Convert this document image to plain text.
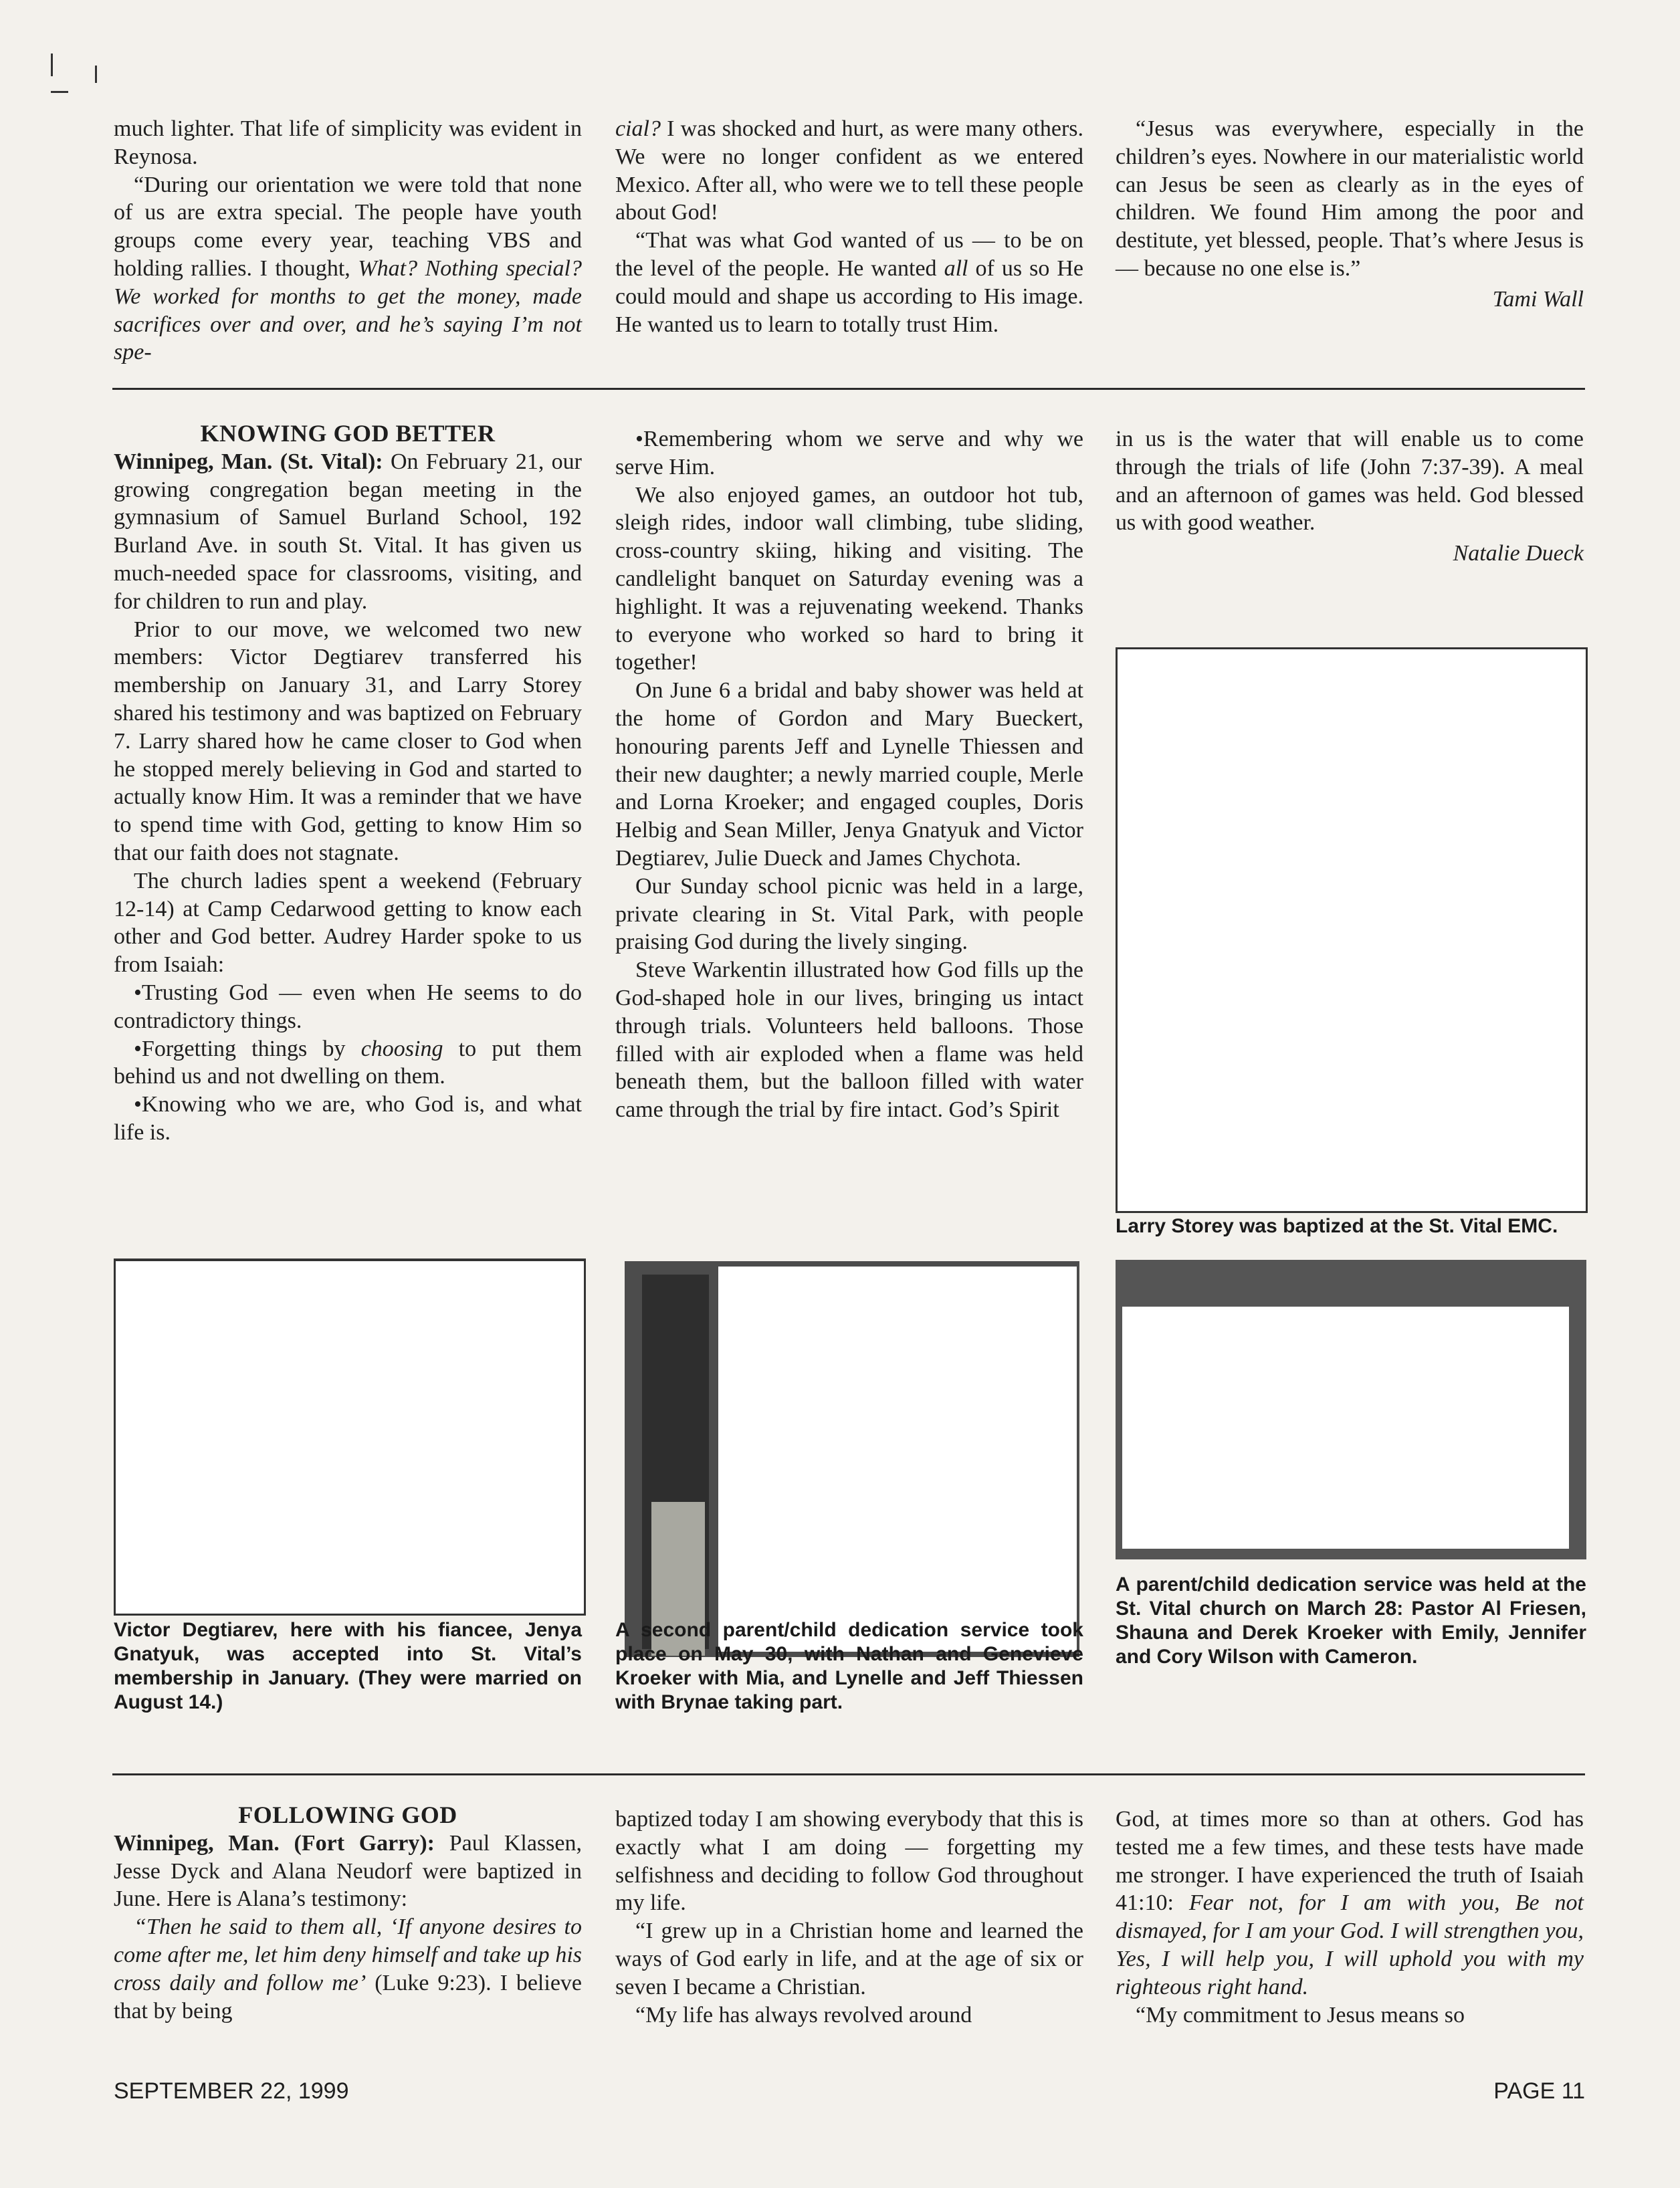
much lighter. That life of simplicity was evident in Reynosa.

“During our orientation we were told that none of us are extra special. The people have youth groups come every year, teaching VBS and holding rallies. I thought, What? Nothing special? We worked for months to get the money, made sacrifices over and over, and he’s saying I’m not spe-

cial? I was shocked and hurt, as were many others. We were no longer confident as we entered Mexico. After all, who were we to tell these people about God!

“That was what God wanted of us — to be on the level of the people. He wanted all of us so He could mould and shape us according to His image. He wanted us to learn to totally trust Him.

“Jesus was everywhere, especially in the children’s eyes. Nowhere in our materialistic world can Jesus be seen as clearly as in the eyes of children. We found Him among the poor and destitute, yet blessed, people. That’s where Jesus is — because no one else is.”

Tami Wall

KNOWING GOD BETTER

Winnipeg, Man. (St. Vital): On February 21, our growing congregation began meeting in the gymnasium of Samuel Burland School, 192 Burland Ave. in south St. Vital. It has given us much-needed space for classrooms, visiting, and for children to run and play.

Prior to our move, we welcomed two new members: Victor Degtiarev transferred his membership on January 31, and Larry Storey shared his testimony and was baptized on February 7. Larry shared how he came closer to God when he stopped merely believing in God and started to actually know Him. It was a reminder that we have to spend time with God, getting to know Him so that our faith does not stagnate.

The church ladies spent a weekend (February 12-14) at Camp Cedarwood getting to know each other and God better. Audrey Harder spoke to us from Isaiah:

•Trusting God — even when He seems to do contradictory things.

•Forgetting things by choosing to put them behind us and not dwelling on them.

•Knowing who we are, who God is, and what life is.

•Remembering whom we serve and why we serve Him.

We also enjoyed games, an outdoor hot tub, sleigh rides, indoor wall climbing, tube sliding, cross-country skiing, hiking and visiting. The candlelight banquet on Saturday evening was a highlight. It was a rejuvenating weekend. Thanks to everyone who worked so hard to bring it together!

On June 6 a bridal and baby shower was held at the home of Gordon and Mary Bueckert, honouring parents Jeff and Lynelle Thiessen and their new daughter; a newly married couple, Merle and Lorna Kroeker; and engaged couples, Doris Helbig and Sean Miller, Jenya Gnatyuk and Victor Degtiarev, Julie Dueck and James Chychota.

Our Sunday school picnic was held in a large, private clearing in St. Vital Park, with people praising God during the lively singing.

Steve Warkentin illustrated how God fills up the God-shaped hole in our lives, bringing us intact through trials. Volunteers held balloons. Those filled with air exploded when a flame was held beneath them, but the balloon filled with water came through the trial by fire intact. God’s Spirit

in us is the water that will enable us to come through the trials of life (John 7:37-39). A meal and an afternoon of games was held. God blessed us with good weather.

Natalie Dueck

Larry Storey was baptized at the St. Vital EMC.
Victor Degtiarev, here with his fiancee, Jenya Gnatyuk, was accepted into St. Vital’s membership in January. (They were married on August 14.)
A second parent/child dedication service took place on May 30, with Nathan and Genevieve Kroeker with Mia, and Lynelle and Jeff Thiessen with Brynae taking part.
A parent/child dedication service was held at the St. Vital church on March 28: Pastor Al Friesen, Shauna and Derek Kroeker with Emily, Jennifer and Cory Wilson with Cameron.

FOLLOWING GOD

Winnipeg, Man. (Fort Garry): Paul Klassen, Jesse Dyck and Alana Neudorf were baptized in June. Here is Alana’s testimony:

“Then he said to them all, ‘If anyone desires to come after me, let him deny himself and take up his cross daily and follow me’ (Luke 9:23). I believe that by being

baptized today I am showing everybody that this is exactly what I am doing — forgetting my selfishness and deciding to follow God throughout my life.

“I grew up in a Christian home and learned the ways of God early in life, and at the age of six or seven I became a Christian.

“My life has always revolved around

God, at times more so than at others. God has tested me a few times, and these tests have made me stronger. I have experienced the truth of Isaiah 41:10: Fear not, for I am with you, Be not dismayed, for I am your God. I will strengthen you, Yes, I will help you, I will uphold you with my righteous right hand.

“My commitment to Jesus means so

SEPTEMBER 22, 1999	PAGE 11
